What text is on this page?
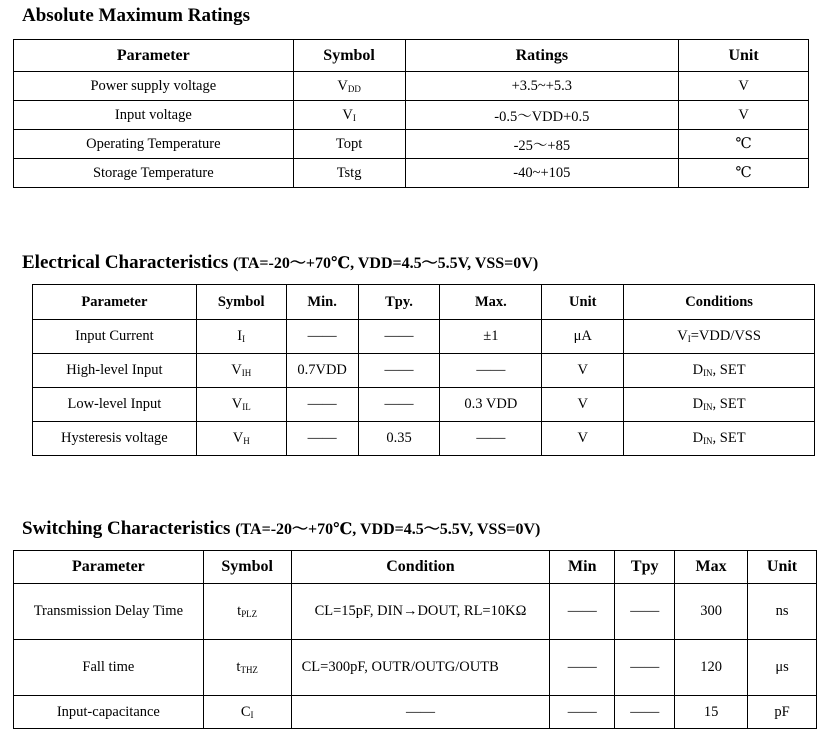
Absolute Maximum Ratings
Parameter	Symbol	Ratings	Unit
Power supply voltage	$V_{DD}$	+3.5~+5.3	V
Input voltage	$V_I$	-0.5～VDD+0.5	V
Operating Temperature	Topt	-25～+85	℃
Storage Temperature	Tstg	-40~+105	℃
Electrical Characteristics (TA=-20～+70℃, VDD=4.5～5.5V, VSS=0V)
Parameter	Symbol	Min.	Tpy.	Max.	Unit	Conditions
Input Current	$I_I$	——	——	±1	μA	$V_I=VDD$/VSS
High-level Input	$V_{IH}$	0.7VDD	——	——	V	$D_{IN}$, SET
Low-level Input	$V_{IL}$	——	——	0.3 VDD	V	$D_{IN}$, SET
Hysteresis voltage	$V_H$	——	0.35	——	V	$D_{IN}$, SET
Switching Characteristics (TA=-20～+70℃, VDD=4.5～5.5V, VSS=0V)
Parameter	Symbol	Condition	Min	Tpy	Max	Unit
Transmission Delay Time	$t_{PLZ}$	CL=15pF, DIN→DOUT, RL=10KΩ	——	——	300	ns
Fall time	$t_{THZ}$	CL=300pF, OUTR/OUTG/OUTB	——	——	120	μs
Input-capacitance	$C_I$	——	——	——	15	pF
